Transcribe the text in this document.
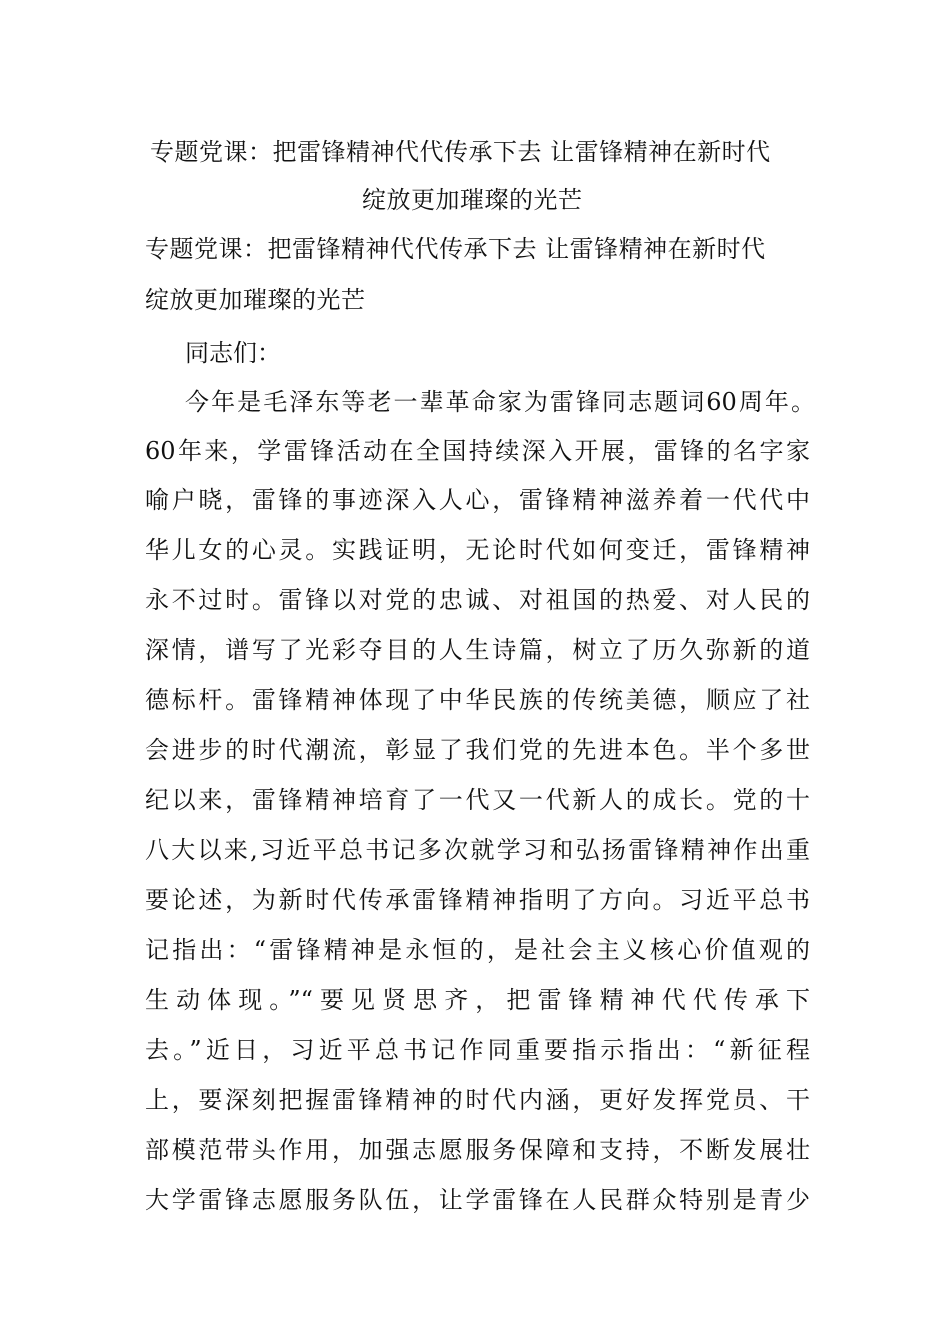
专题党课：把雷锋精神代代传承下去 让雷锋精神在新时代
绽放更加璀璨的光芒
专题党课：把雷锋精神代代传承下去 让雷锋精神在新时代
绽放更加璀璨的光芒
同志们：
今年是毛泽东等老一辈革命家为雷锋同志题词60周年。
60年来，学雷锋活动在全国持续深入开展，雷锋的名字家
喻户晓，雷锋的事迹深入人心，雷锋精神滋养着一代代中
华儿女的心灵。实践证明，无论时代如何变迁，雷锋精神
永不过时。雷锋以对党的忠诚、对祖国的热爱、对人民的
深情，谱写了光彩夺目的人生诗篇，树立了历久弥新的道
德标杆。雷锋精神体现了中华民族的传统美德，顺应了社
会进步的时代潮流，彰显了我们党的先进本色。半个多世
纪以来，雷锋精神培育了一代又一代新人的成长。党的十
八大以来,习近平总书记多次就学习和弘扬雷锋精神作出重
要论述，为新时代传承雷锋精神指明了方向。习近平总书
记指出：“雷锋精神是永恒的，是社会主义核心价值观的
生动体现。”“要见贤思齐，把雷锋精神代代传承下
去。”近日，习近平总书记作同重要指示指出：“新征程
上，要深刻把握雷锋精神的时代内涵，更好发挥党员、干
部模范带头作用，加强志愿服务保障和支持，不断发展壮
大学雷锋志愿服务队伍，让学雷锋在人民群众特别是青少
